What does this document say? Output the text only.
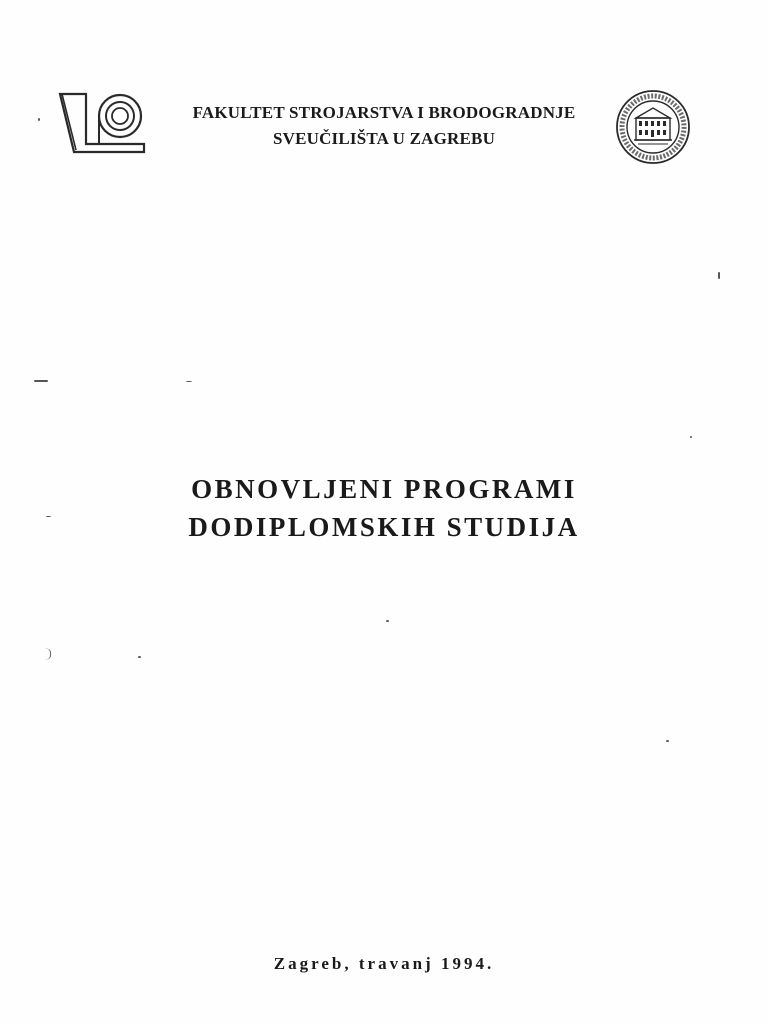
FAKULTET STROJARSTVA I BRODOGRADNJE
SVEUČILIŠTA U ZAGREBU
OBNOVLJENI PROGRAMI
DODIPLOMSKIH STUDIJA
Zagreb, travanj 1994.
